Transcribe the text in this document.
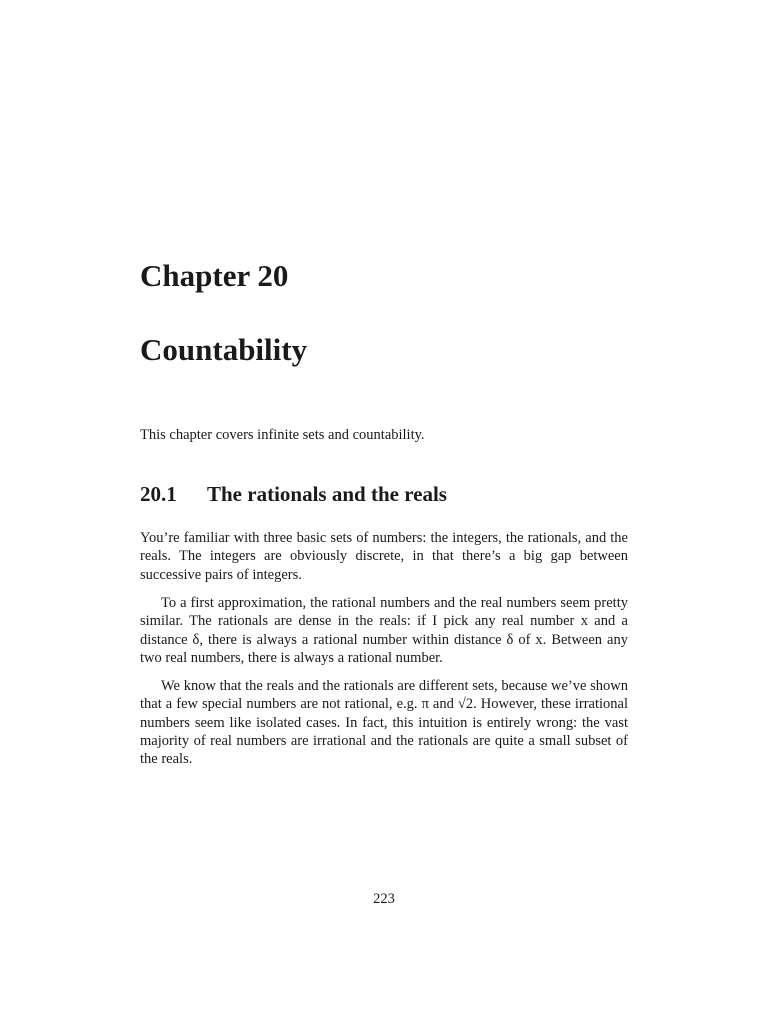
Chapter 20
Countability

This chapter covers infinite sets and countability.

20.1 The rationals and the reals

You’re familiar with three basic sets of numbers: the integers, the rationals, and the reals. The integers are obviously discrete, in that there’s a big gap between successive pairs of integers.

To a first approximation, the rational numbers and the real numbers seem pretty similar. The rationals are dense in the reals: if I pick any real number x and a distance δ, there is always a rational number within distance δ of x. Between any two real numbers, there is always a rational number.

We know that the reals and the rationals are different sets, because we’ve shown that a few special numbers are not rational, e.g. π and √2. However, these irrational numbers seem like isolated cases. In fact, this intuition is entirely wrong: the vast majority of real numbers are irrational and the rationals are quite a small subset of the reals.

223
